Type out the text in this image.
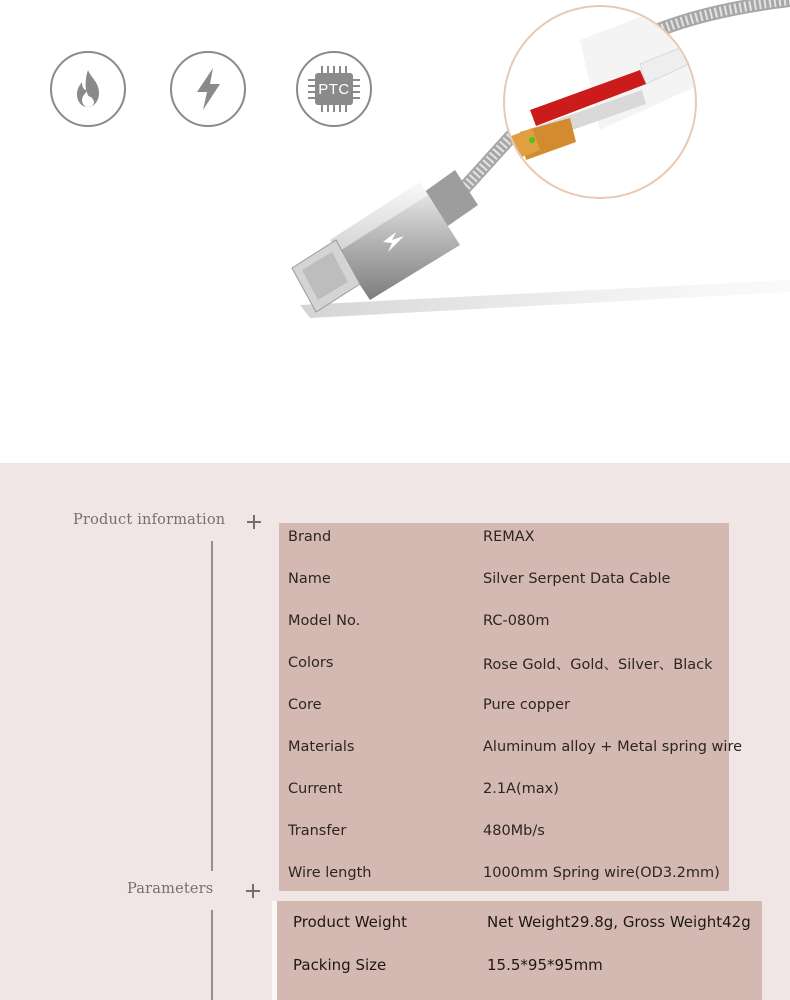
PTC
Product information
Parameters
Brand	REMAX
Name	Silver Serpent Data Cable
Model No.	RC-080m
Colors	Rose Gold、Gold、Silver、Black
Core	Pure copper
Materials	Aluminum alloy + Metal spring wire
Current	2.1A(max)
Transfer	480Mb/s
Wire length	1000mm Spring wire(OD3.2mm)
Product Weight	Net Weight29.8g, Gross Weight42g
Packing Size	15.5*95*95mm
